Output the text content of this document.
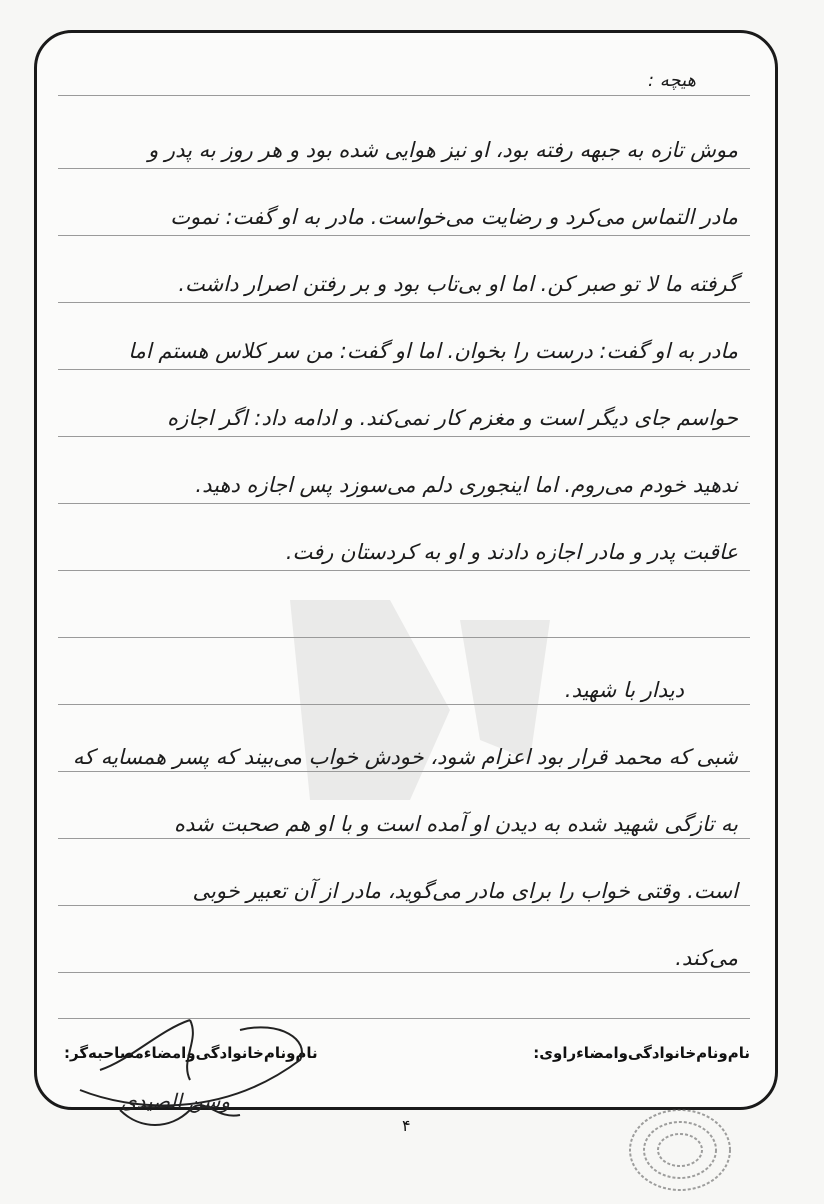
هيچه :
موش تازه به جبهه رفته بود، او نیز هوایی شده بود و هر روز به پدر و
مادر التماس می‌کرد و رضایت می‌خواست. مادر به او گفت: نموت
گرفته ما لا تو صبر کن. اما او بی‌تاب بود و بر رفتن اصرار داشت.
مادر به او گفت: درست را بخوان. اما او گفت: من سر کلاس هستم اما
حواسم جای دیگر است و مغزم کار نمی‌کند. و ادامه داد: اگر اجازه
ندهید خودم می‌روم. اما اینجوری دلم می‌سوزد پس اجازه دهید.
عاقبت پدر و مادر اجازه دادند و او به کردستان رفت.
دیدار با شهید.
شبی که محمد قرار بود اعزام شود، خودش خواب می‌بیند که پسر همسایه که
به تازگی شهید شده به دیدن او آمده است و با او هم صحبت شده
است. وقتی خواب را برای مادر می‌گوید، مادر از آن تعبیر خوبی
می‌کند.
نام‌ونام‌خانوادگی‌و‌امضاء‌راوی:
نام‌ونام‌خانوادگی‌و‌امضاء‌مصاحبه‌گر:
وسن الصیدی
۴
